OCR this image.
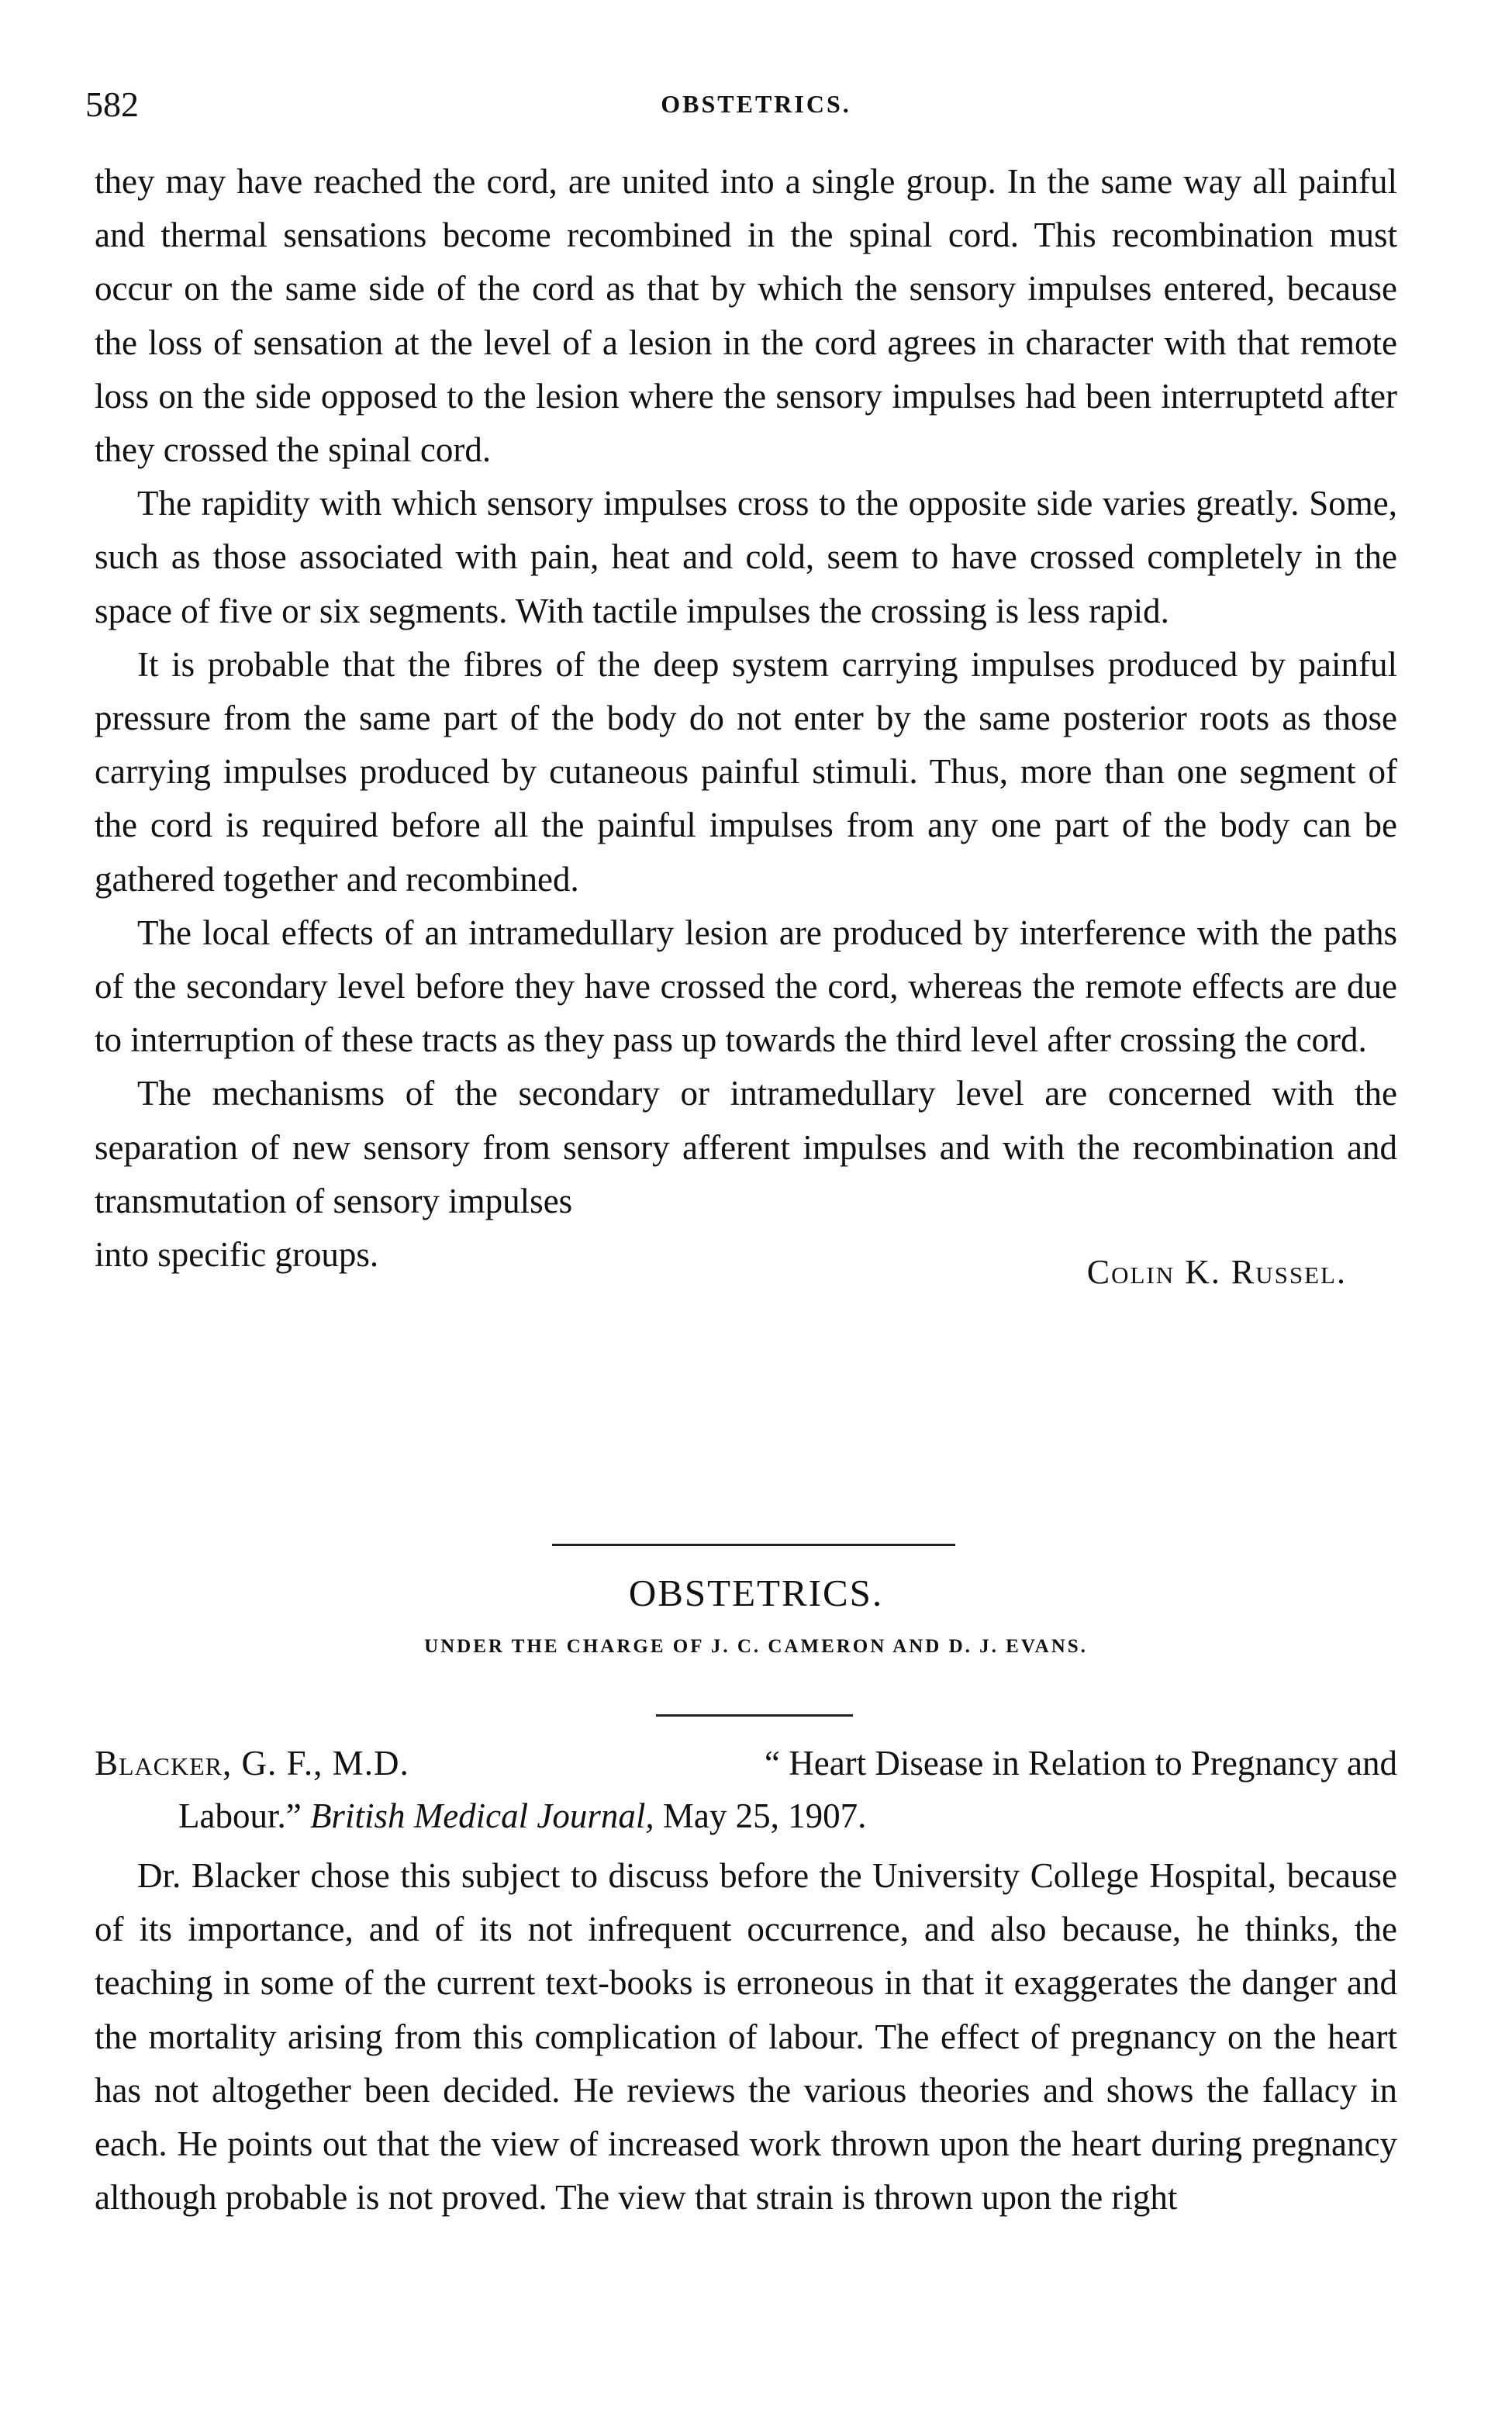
582	OBSTETRICS.

they may have reached the cord, are united into a single group. In the same way all painful and thermal sensations become recombined in the spinal cord. This recombination must occur on the same side of the cord as that by which the sensory impulses entered, because the loss of sensation at the level of a lesion in the cord agrees in character with that remote loss on the side opposed to the lesion where the sensory impulses had been interruptetd after they crossed the spinal cord.

The rapidity with which sensory impulses cross to the opposite side varies greatly. Some, such as those associated with pain, heat and cold, seem to have crossed completely in the space of five or six segments. With tactile impulses the crossing is less rapid.

It is probable that the fibres of the deep system carrying impulses produced by painful pressure from the same part of the body do not enter by the same posterior roots as those carrying impulses produced by cutaneous painful stimuli. Thus, more than one segment of the cord is required before all the painful impulses from any one part of the body can be gathered together and recombined.

The local effects of an intramedullary lesion are produced by interference with the paths of the secondary level before they have crossed the cord, whereas the remote effects are due to interruption of these tracts as they pass up towards the third level after crossing the cord.

The mechanisms of the secondary or intramedullary level are concerned with the separation of new sensory from sensory afferent impulses and with the recombination and transmutation of sensory impulses

into specific groups.	Colin K. Russel.
OBSTETRICS.
UNDER THE CHARGE OF J. C. CAMERON AND D. J. EVANS.
Blacker, G. F., M.D.	“ Heart Disease in Relation to Pregnancy and
Labour.” British Medical Journal, May 25, 1907.

Dr. Blacker chose this subject to discuss before the University College Hospital, because of its importance, and of its not infrequent occurrence, and also because, he thinks, the teaching in some of the current text-books is erroneous in that it exaggerates the danger and the mortality arising from this complication of labour. The effect of pregnancy on the heart has not altogether been decided. He reviews the various theories and shows the fallacy in each. He points out that the view of increased work thrown upon the heart during pregnancy although probable is not proved. The view that strain is thrown upon the right
